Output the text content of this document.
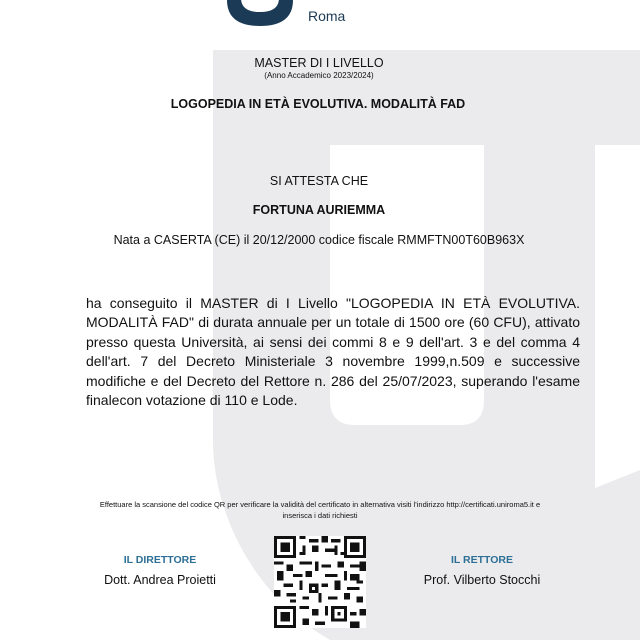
Roma
MASTER DI I LIVELLO
(Anno Accademico 2023/2024)
LOGOPEDIA IN ETÀ EVOLUTIVA. MODALITÀ FAD
SI ATTESTA CHE
FORTUNA AURIEMMA
Nata a CASERTA (CE) il 20/12/2000 codice fiscale RMMFTN00T60B963X
ha conseguito il MASTER di I Livello "LOGOPEDIA IN ETÀ EVOLUTIVA. MODALITÀ FAD" di durata annuale per un totale di 1500 ore (60 CFU), attivato presso questa Università, ai sensi dei commi 8 e 9 dell'art. 3 e del comma 4 dell'art. 7 del Decreto Ministeriale 3 novembre 1999,n.509 e successive modifiche e del Decreto del Rettore n. 286 del 25/07/2023, superando l'esame finalecon votazione di 110 e Lode.
Effettuare la scansione del codice QR per verificare la validità del certificato in alternativa visiti l'indirizzo http://certificati.uniroma5.it e
inserisca i dati richiesti
IL DIRETTORE
Dott. Andrea Proietti
IL RETTORE
Prof. Vilberto Stocchi
